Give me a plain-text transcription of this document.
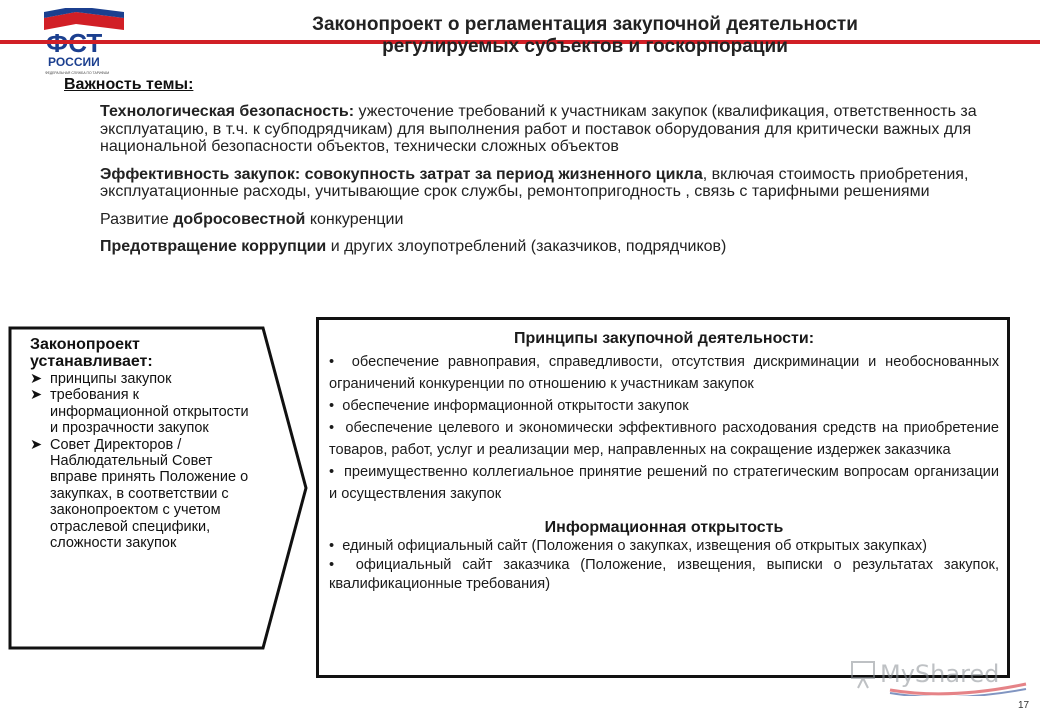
РОССИИ
ФЕДЕРАЛЬНАЯ СЛУЖБА ПО ТАРИФАМ
Законопроект о регламентация закупочной деятельности
регулируемых субъектов и госкорпорации
Важность темы:
Технологическая безопасность: ужесточение требований к участникам закупок (квалификация, ответственность за эксплуатацию, в т.ч. к субподрядчикам) для выполнения работ и поставок оборудования для критически важных для национальной безопасности объектов, технически сложных объектов
Эффективность закупок: совокупность затрат за период жизненного цикла, включая стоимость приобретения, эксплуатационные расходы, учитывающие срок службы, ремонтопригодность , связь с тарифными решениями
Развитие добросовестной конкуренции
Предотвращение коррупции и других злоупотреблений (заказчиков, подрядчиков)
Законопроект устанавливает:
➤ принципы закупок
➤ требования к информационной открытости и прозрачности закупок
➤ Совет Директоров / Наблюдательный Совет вправе принять Положение о закупках, в соответствии с законопроектом с учетом отраслевой специфики, сложности закупок
Принципы закупочной деятельности:
•  обеспечение равноправия, справедливости, отсутствия дискриминации и необоснованных ограничений конкуренции по отношению к участникам закупок
•  обеспечение информационной открытости закупок
•  обеспечение целевого и экономически эффективного расходования средств на приобретение товаров, работ, услуг и реализации мер, направленных на сокращение издержек заказчика
•  преимущественно коллегиальное принятие решений по стратегическим вопросам организации и осуществления закупок
Информационная открытость
•  единый официальный сайт (Положения о закупках, извещения об открытых закупках)
•  официальный сайт заказчика (Положение, извещения, выписки о результатах закупок, квалификационные требования)
MyShared
17
